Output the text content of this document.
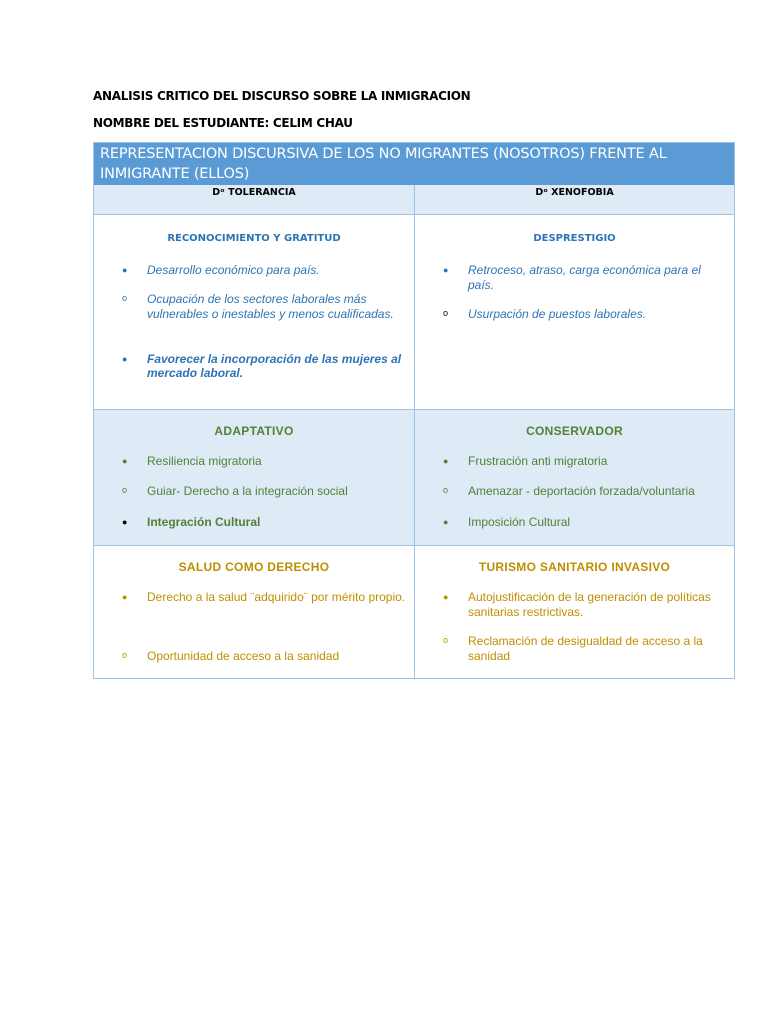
ANALISIS CRITICO DEL DISCURSO SOBRE LA INMIGRACION
NOMBRE DEL ESTUDIANTE: CELIM CHAU
REPRESENTACION DISCURSIVA DE LOS NO MIGRANTES (NOSOTROS) FRENTE AL INMIGRANTE (ELLOS)
Dᵒ TOLERANCIA	Dᵒ XENOFOBIA
RECONOCIMIENTO Y GRATITUD
● Desarrollo económico para país.
o Ocupación de los sectores laborales más vulnerables o inestables y menos cualificadas.
● Favorecer la incorporación de las mujeres al mercado laboral.
DESPRESTIGIO
● Retroceso, atraso, carga económica para el país.
o Usurpación de puestos laborales.
ADAPTATIVO
● Resiliencia migratoria
o Guiar- Derecho a la integración social
● Integración Cultural
CONSERVADOR
● Frustración anti migratoria
o Amenazar - deportación forzada/voluntaria
● Imposición Cultural
SALUD COMO DERECHO
● Derecho a la salud ¨adquirido¨ por mérito propio.
o Oportunidad de acceso a la sanidad
TURISMO SANITARIO INVASIVO
● Autojustificación de la generación de políticas sanitarias restrictivas.
o Reclamación de desigualdad de acceso a la sanidad
